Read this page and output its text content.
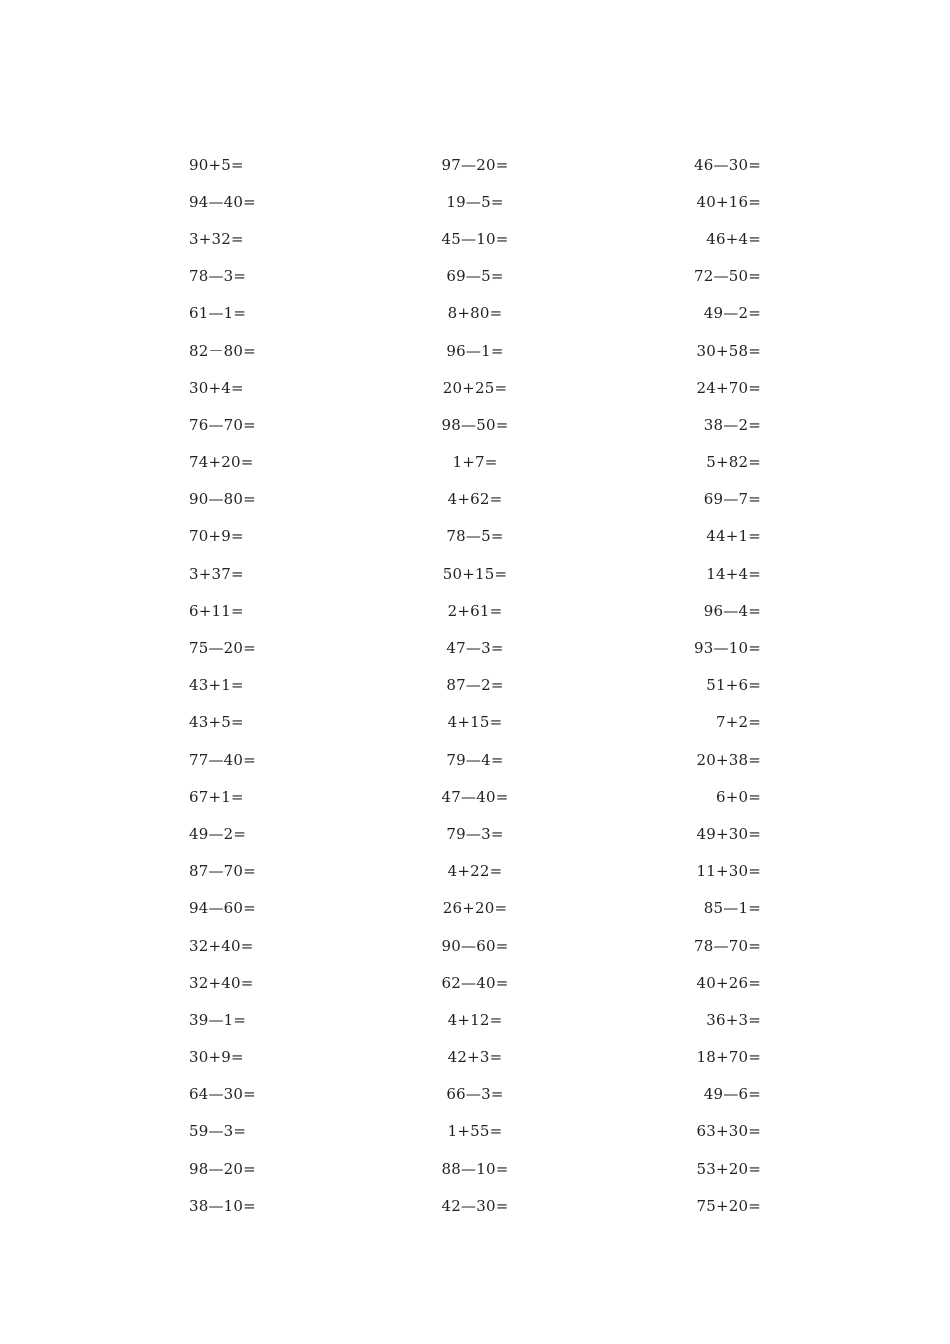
90+5=	97—20=	46—30=
94—40=	19—5=	40+16=
3+32=	45—10=	46+4=
78—3=	69—5=	72—50=
61—1=	8+80=	49—2=
82－80=	96—1=	30+58=
30+4=	20+25=	24+70=
76—70=	98—50=	38—2=
74+20=	1+7=	5+82=
90—80=	4+62=	69—7=
70+9=	78—5=	44+1=
3+37=	50+15=	14+4=
6+11=	2+61=	96—4=
75—20=	47—3=	93—10=
43+1=	87—2=	51+6=
43+5=	4+15=	7+2=
77—40=	79—4=	20+38=
67+1=	47—40=	6+0=
49—2=	79—3=	49+30=
87—70=	4+22=	11+30=
94—60=	26+20=	85—1=
32+40=	90—60=	78—70=
32+40=	62—40=	40+26=
39—1=	4+12=	36+3=
30+9=	42+3=	18+70=
64—30=	66—3=	49—6=
59—3=	1+55=	63+30=
98—20=	88—10=	53+20=
38—10=	42—30=	75+20=
